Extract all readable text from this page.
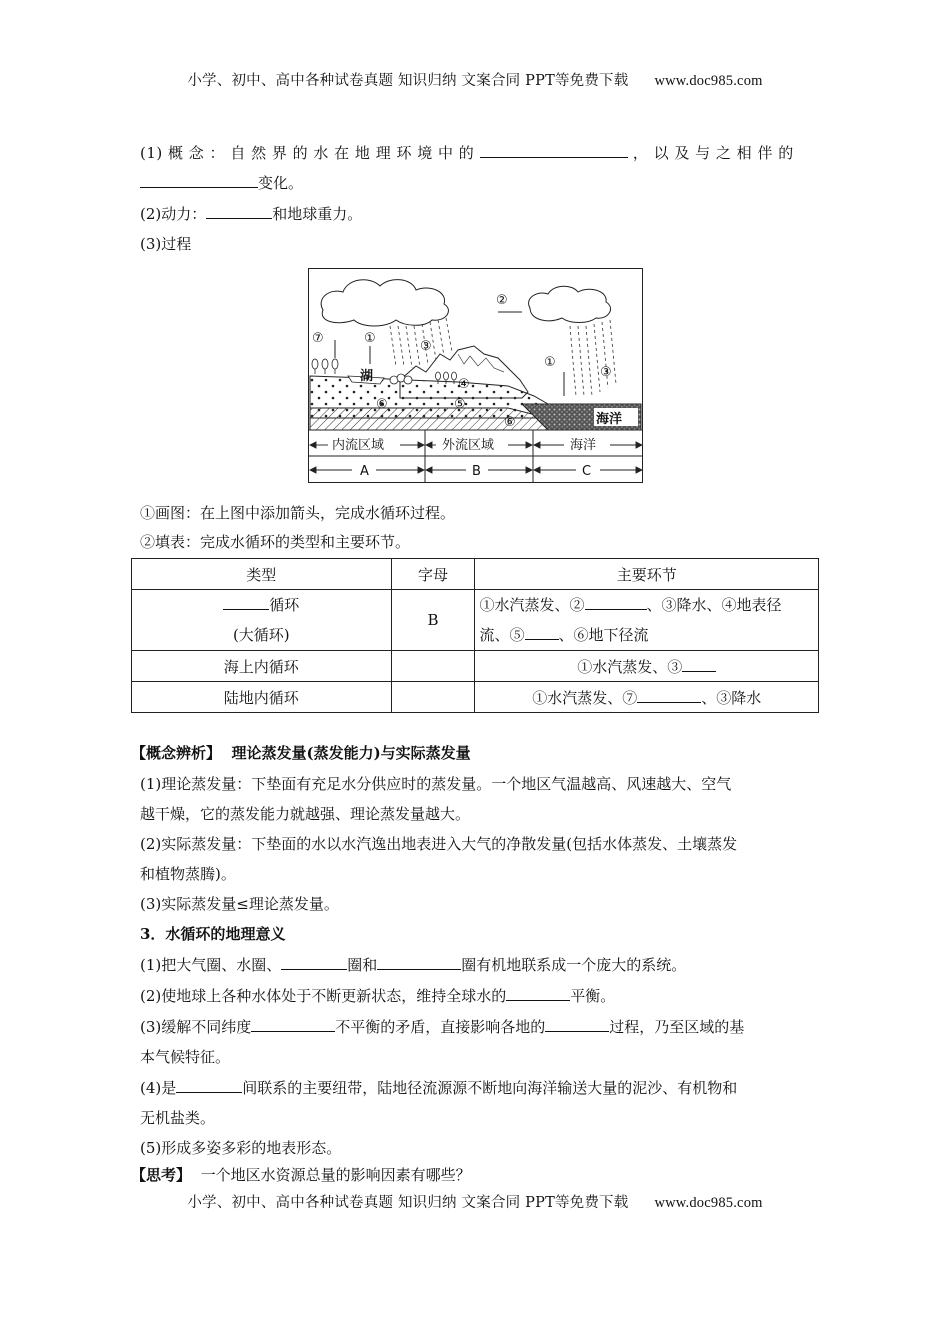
小学、初中、高中各种试卷真题 知识归纳 文案合同 PPT等免费下载 www.doc985.com
(1) 概 念 ： 自 然 界 的 水 在 地 理 环 境 中 的	， 以 及 与 之 相 伴 的
变化。
(2)动力：	和地球重力。
(3)过程
②
⑦	①
③
①
③
湖
④
⑤
⑥
⑥	海洋
内流区域	外流区域	海洋
A	B	C
①画图：在上图中添加箭头，完成水循环过程。
②填表：完成水循环的类型和主要环节。
类型	字母	主要环节
循环
(大循环)	B	①水汽蒸发、② 、③降水、④地表径
流、⑤ 、⑥地下径流
海上内循环		①水汽蒸发、③
陆地内循环		①水汽蒸发、⑦ 、③降水
【概念辨析】 理论蒸发量(蒸发能力)与实际蒸发量
(1)理论蒸发量：下垫面有充足水分供应时的蒸发量。一个地区气温越高、风速越大、空气
越干燥，它的蒸发能力就越强、理论蒸发量越大。
(2)实际蒸发量：下垫面的水以水汽逸出地表进入大气的净散发量(包括水体蒸发、土壤蒸发
和植物蒸腾)。
(3)实际蒸发量≤理论蒸发量。
3．水循环的地理意义
(1)把大气圈、水圈、	圈和	圈有机地联系成一个庞大的系统。
(2)使地球上各种水体处于不断更新状态，维持全球水的	平衡。
(3)缓解不同纬度	不平衡的矛盾，直接影响各地的	过程，乃至区域的基
本气候特征。
(4)是	间联系的主要纽带，陆地径流源源不断地向海洋输送大量的泥沙、有机物和
无机盐类。
(5)形成多姿多彩的地表形态。
【思考】 一个地区水资源总量的影响因素有哪些？
小学、初中、高中各种试卷真题 知识归纳 文案合同 PPT等免费下载 www.doc985.com
